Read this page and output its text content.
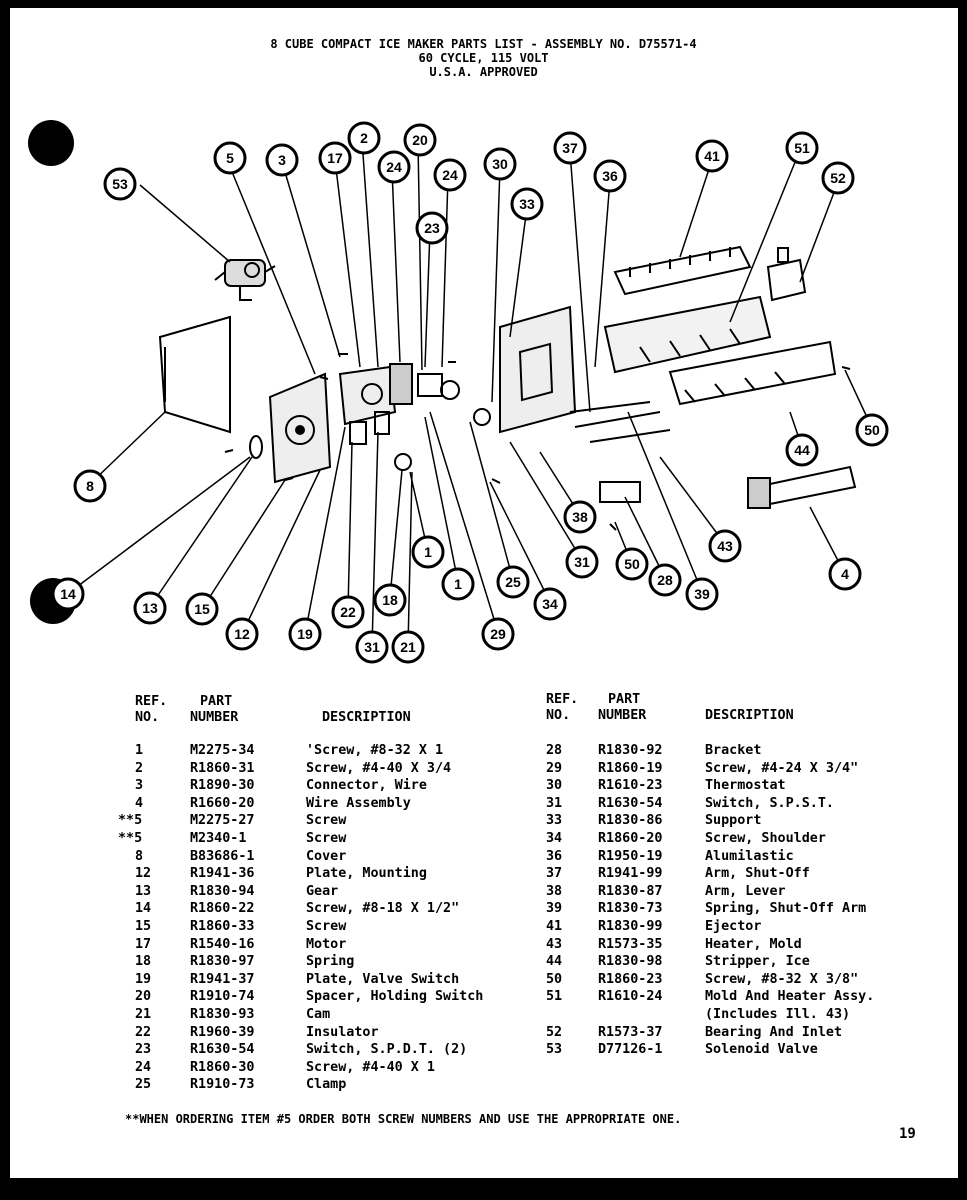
8 CUBE COMPACT ICE MAKER PARTS LIST - ASSEMBLY NO. D75571-4
60 CYCLE, 115 VOLT
U.S.A. APPROVED
53
5	3	17
2
24
20
24
23
30
33
37
36
41	51
52
8
14
13	15
12	19
22
31
18
21
1
1
29
25
34
31
38
50
28
39
43
44
50
4
REF.
NO.
PART
NUMBER	DESCRIPTION
REF.
NO.
PART
NUMBER	DESCRIPTION
1	M2275-34	'Screw, #8-32 X 1
2	R1860-31	Screw, #4-40 X 3/4
3	R1890-30	Connector, Wire
4	R1660-20	Wire Assembly
**5	M2275-27	Screw
**5	M2340-1	Screw
8	B83686-1	Cover
12	R1941-36	Plate, Mounting
13	R1830-94	Gear
14	R1860-22	Screw, #8-18 X 1/2"
15	R1860-33	Screw
17	R1540-16	Motor
18	R1830-97	Spring
19	R1941-37	Plate, Valve Switch
20	R1910-74	Spacer, Holding Switch
21	R1830-93	Cam
22	R1960-39	Insulator
23	R1630-54	Switch, S.P.D.T. (2)
24	R1860-30	Screw, #4-40 X 1
25	R1910-73	Clamp
28	R1830-92	Bracket
29	R1860-19	Screw, #4-24 X 3/4"
30	R1610-23	Thermostat
31	R1630-54	Switch, S.P.S.T.
33	R1830-86	Support
34	R1860-20	Screw, Shoulder
36	R1950-19	Alumilastic
37	R1941-99	Arm, Shut-Off
38	R1830-87	Arm, Lever
39	R1830-73	Spring, Shut-Off Arm
41	R1830-99	Ejector
43	R1573-35	Heater, Mold
44	R1830-98	Stripper, Ice
50	R1860-23	Screw, #8-32 X 3/8"
51	R1610-24	Mold And Heater Assy.
(Includes Ill. 43)
52	R1573-37	Bearing And Inlet
53	D77126-1	Solenoid Valve
**WHEN ORDERING ITEM #5 ORDER BOTH SCREW NUMBERS AND USE THE APPROPRIATE ONE.
19
